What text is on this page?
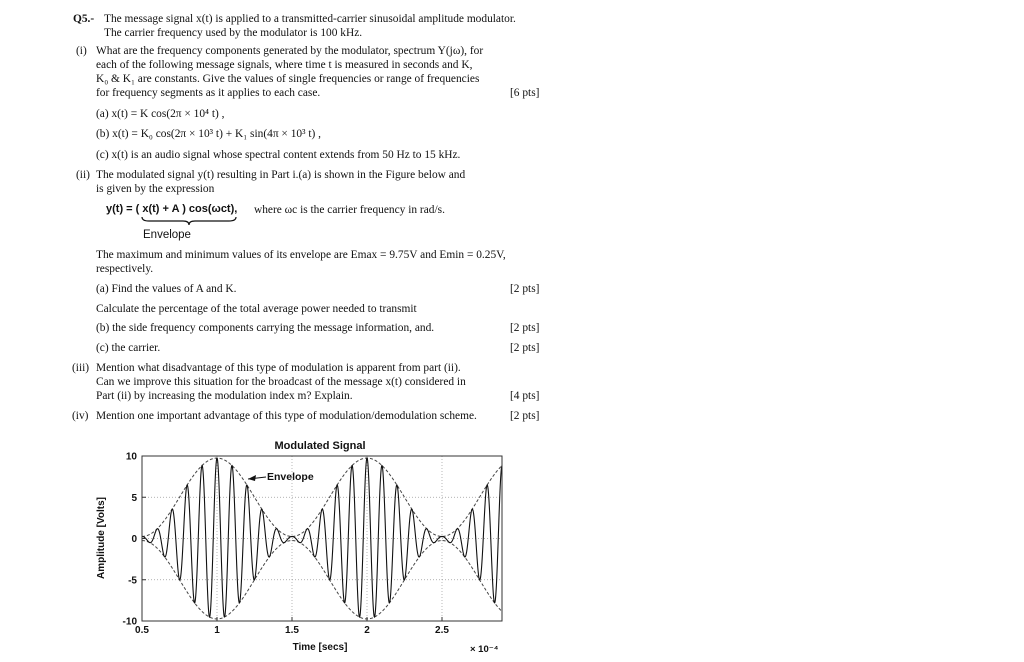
Q5.- The message signal x(t) is applied to a transmitted-carrier sinusoidal amplitude modulator.
The carrier frequency used by the modulator is 100 kHz.
(i) What are the frequency components generated by the modulator, spectrum Y(jω), for
each of the following message signals, where time t is measured in seconds and K,
K₀ & K₁ are constants. Give the values of single frequencies or range of frequencies
for frequency segments as it applies to each case.	[6 pts]
(a) x(t) = K cos(2π × 10⁴ t) ,
(b) x(t) = K₀ cos(2π × 10³ t) + K₁ sin(4π × 10³ t) ,
(c) x(t) is an audio signal whose spectral content extends from 50 Hz to 15 kHz.
(ii) The modulated signal y(t) resulting in Part i.(a) is shown in the Figure below and
is given by the expression
y(t) = ( x(t) + A ) cos(ωct), where ωc is the carrier frequency in rad/s.
Envelope
The maximum and minimum values of its envelope are Emax = 9.75V and Emin = 0.25V,
respectively.
(a) Find the values of A and K.	[2 pts]
Calculate the percentage of the total average power needed to transmit
(b) the side frequency components carrying the message information, and.	[2 pts]
(c) the carrier.	[2 pts]
(iii) Mention what disadvantage of this type of modulation is apparent from part (ii).
Can we improve this situation for the broadcast of the message x(t) considered in
Part (ii) by increasing the modulation index m? Explain.	[4 pts]
(iv) Mention one important advantage of this type of modulation/demodulation scheme.	[2 pts]
Modulated Signal
0.5	1	1.5	2	2.5
10
5
0
-5
-10
Amplitude [Volts]
Time [secs]	× 10⁻⁴
Envelope
